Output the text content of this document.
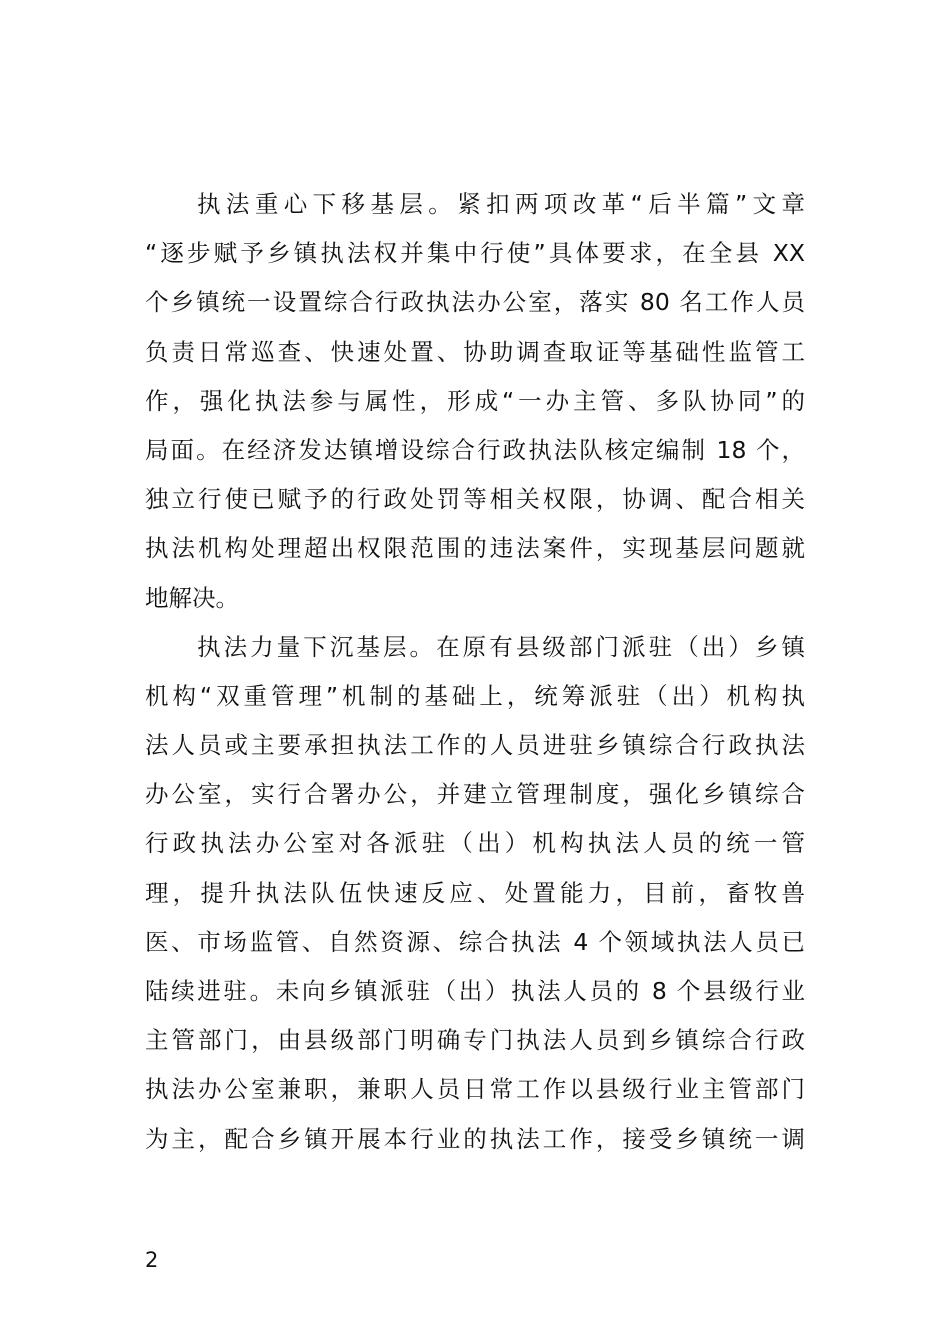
执法重心下移基层。紧扣两项改革“后半篇”文章
“逐步赋予乡镇执法权并集中行使”具体要求，在全县 XX
个乡镇统一设置综合行政执法办公室，落实 80 名工作人员
负责日常巡查、快速处置、协助调查取证等基础性监管工
作，强化执法参与属性，形成“一办主管、多队协同”的
局面。在经济发达镇增设综合行政执法队核定编制 18 个，
独立行使已赋予的行政处罚等相关权限，协调、配合相关
执法机构处理超出权限范围的违法案件，实现基层问题就
地解决。
执法力量下沉基层。在原有县级部门派驻（出）乡镇
机构“双重管理”机制的基础上，统筹派驻（出）机构执
法人员或主要承担执法工作的人员进驻乡镇综合行政执法
办公室，实行合署办公，并建立管理制度，强化乡镇综合
行政执法办公室对各派驻（出）机构执法人员的统一管
理，提升执法队伍快速反应、处置能力，目前，畜牧兽
医、市场监管、自然资源、综合执法 4 个领域执法人员已
陆续进驻。未向乡镇派驻（出）执法人员的 8 个县级行业
主管部门，由县级部门明确专门执法人员到乡镇综合行政
执法办公室兼职，兼职人员日常工作以县级行业主管部门
为主，配合乡镇开展本行业的执法工作，接受乡镇统一调
2
